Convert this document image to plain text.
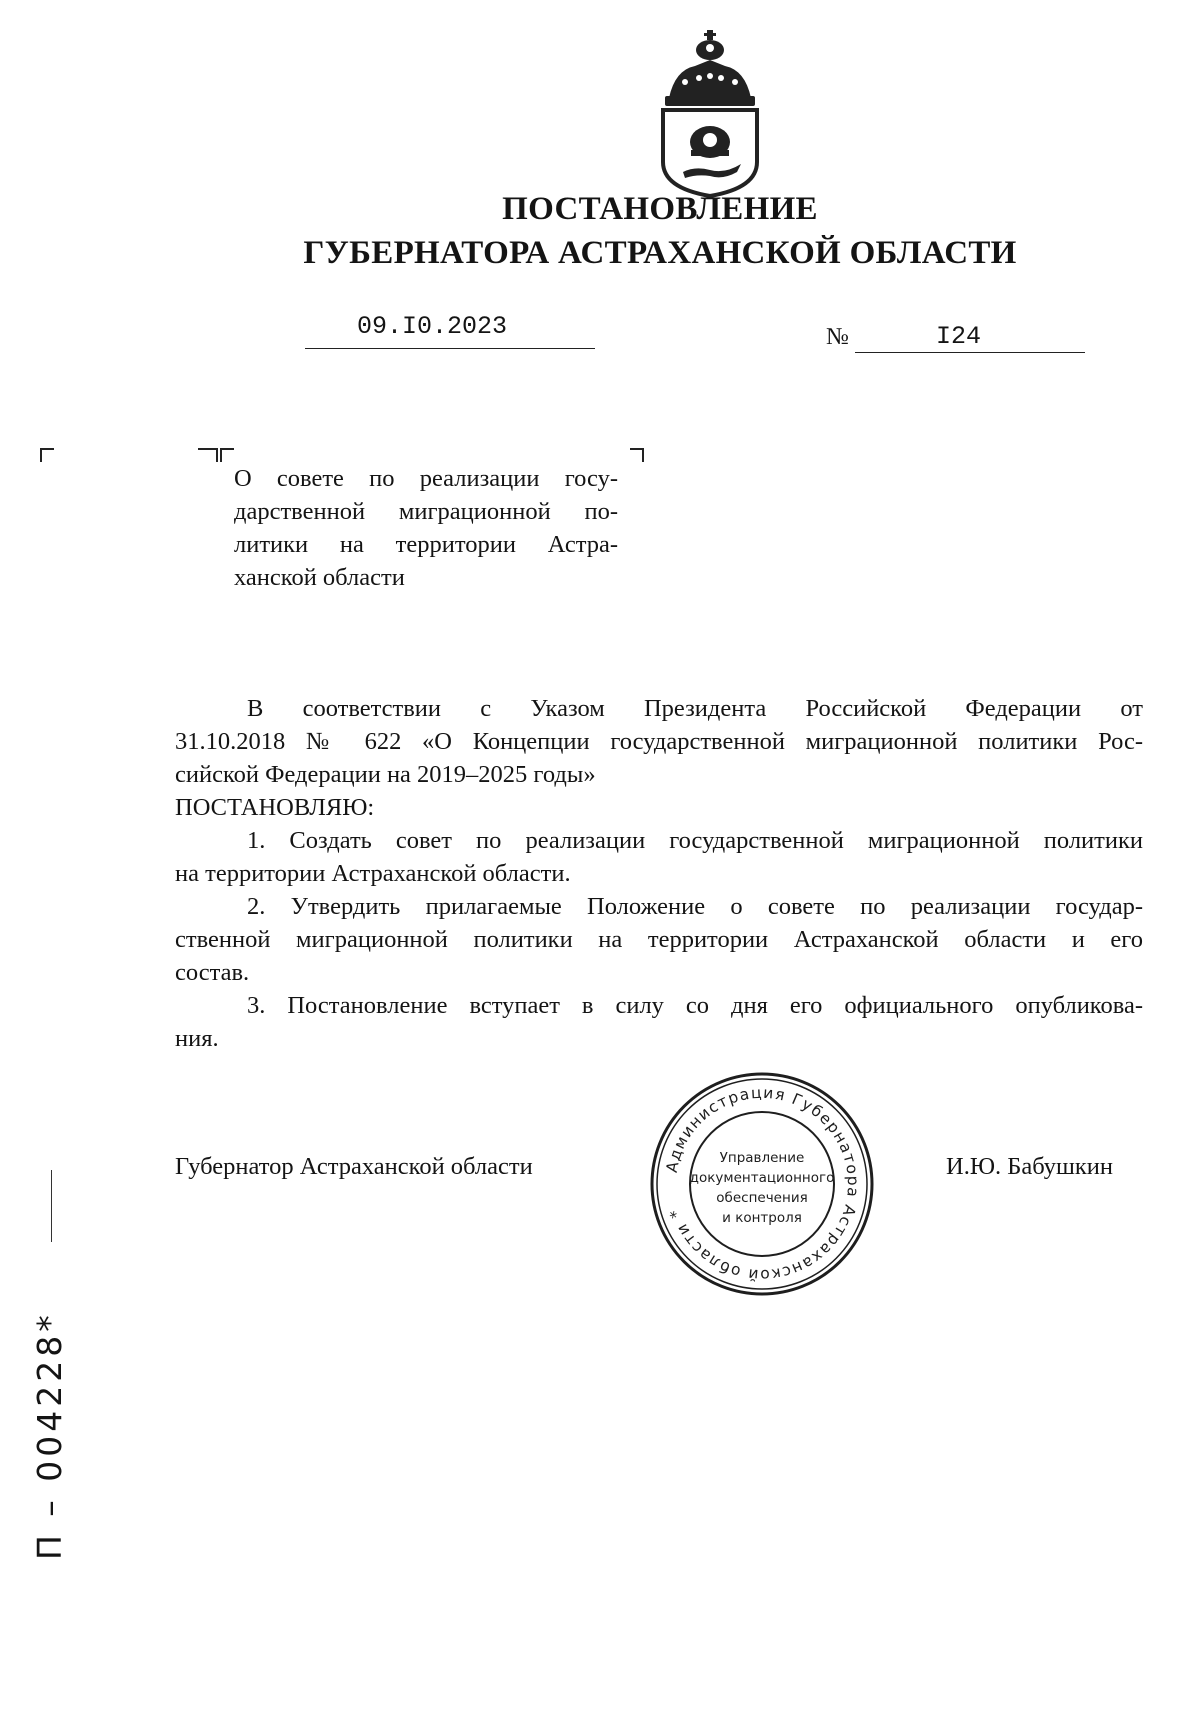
ПОСТАНОВЛЕНИЕ
ГУБЕРНАТОРА АСТРАХАНСКОЙ ОБЛАСТИ
09.I0.2023	№	I24
О совете по реализации госу-
дарственной миграционной по-
литики на территории Астра-
ханской области
В соответствии с Указом Президента Российской Федерации от
31.10.2018 № 622 «О Концепции государственной миграционной политики Рос-
сийской Федерации на 2019–2025 годы»
ПОСТАНОВЛЯЮ:
1. Создать совет по реализации государственной миграционной политики
на территории Астраханской области.
2. Утвердить прилагаемые Положение о совете по реализации государ-
ственной миграционной политики на территории Астраханской области и его
состав.
3. Постановление вступает в силу со дня его официального опубликова-
ния.
Губернатор Астраханской области	И.Ю. Бабушкин
Администрация Губернатора Астраханской области *
Управление
документационного
обеспечения
и контроля
П – 004228*
